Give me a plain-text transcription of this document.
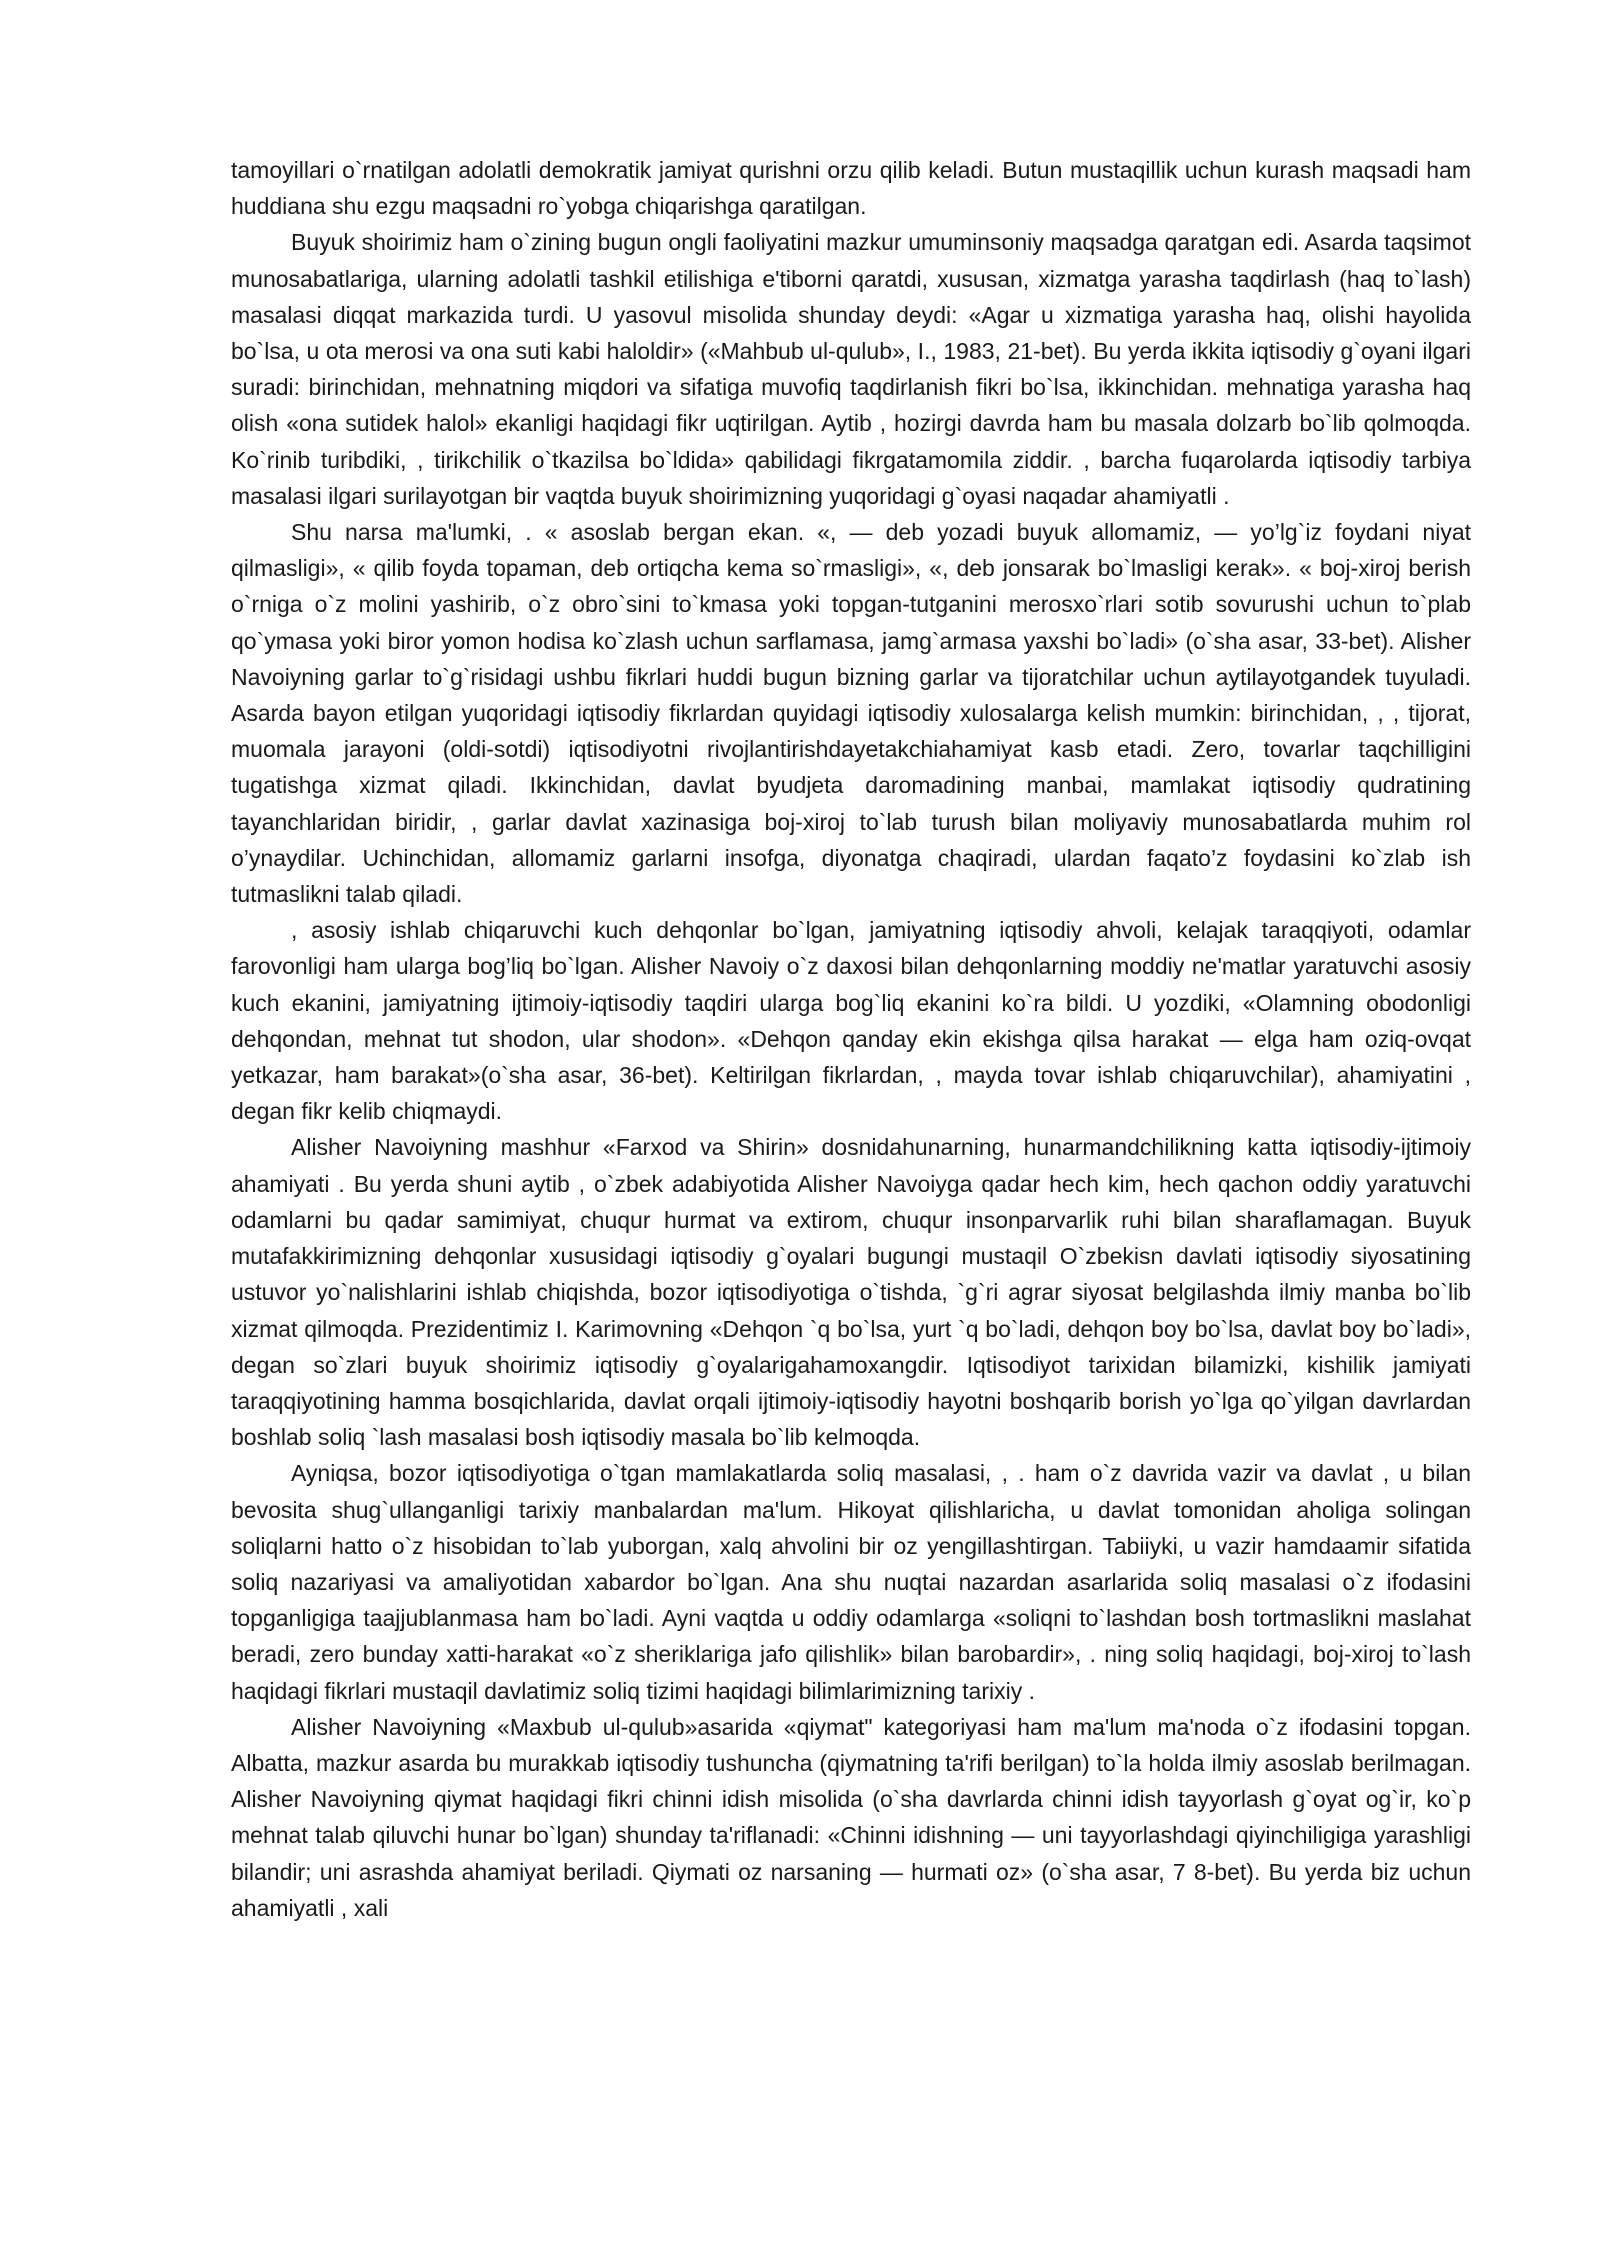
tamoyillari o`rnatilgan adolatli demokratik jamiyat qurishni orzu qilib keladi. Butun mustaqillik uchun kurash maqsadi ham huddiana shu ezgu maqsadni ro`yobga chiqarishga qaratilgan.

Buyuk shoirimiz ham o`zining bugun ongli faoliyatini mazkur umuminsoniy maqsadga qaratgan edi. Asarda taqsimot munosabatlariga, ularning adolatli tashkil etilishiga e'tiborni qaratdi, xususan, xizmatga yarasha taqdirlash (haq to`lash) masalasi diqqat markazida turdi. U yasovul misolida shunday deydi: «Agar u xizmatiga yarasha haq, olishi hayolida bo`lsa, u ota merosi va ona suti kabi haloldir» («Mahbub ul-qulub», I., 1983, 21-bet). Bu yerda ikkita iqtisodiy g`oyani ilgari suradi: birinchidan, mehnatning miqdori va sifatiga muvofiq taqdirlanish fikri bo`lsa, ikkinchidan. mehnatiga yarasha haq olish «ona sutidek halol» ekanligi haqidagi fikr uqtirilgan. Aytib , hozirgi davrda ham bu masala dolzarb bo`lib qolmoqda. Ko`rinib turibdiki, , tirikchilik o`tkazilsa bo`ldida» qabilidagi fikrgatamomila ziddir. , barcha fuqarolarda iqtisodiy tarbiya masalasi ilgari surilayotgan bir vaqtda buyuk shoirimizning yuqoridagi g`oyasi naqadar ahamiyatli .

Shu narsa ma'lumki, . « asoslab bergan ekan. «, — deb yozadi buyuk allomamiz, — yo’lg`iz foydani niyat qilmasligi», « qilib foyda topaman, deb ortiqcha kema so`rmasligi», «, deb jonsarak bo`lmasligi kerak». « boj-xiroj berish o`rniga o`z molini yashirib, o`z obro`sini to`kmasa yoki topgan-tutganini merosxo`rlari sotib sovurushi uchun to`plab qo`ymasa yoki biror yomon hodisa ko`zlash uchun sarflamasa, jamg`armasa yaxshi bo`ladi» (o`sha asar, 33-bet). Alisher Navoiyning garlar to`g`risidagi ushbu fikrlari huddi bugun bizning garlar va tijoratchilar uchun aytilayotgandek tuyuladi. Asarda bayon etilgan yuqoridagi iqtisodiy fikrlardan quyidagi iqtisodiy xulosalarga kelish mumkin: birinchidan, , , tijorat, muomala jarayoni (oldi-sotdi) iqtisodiyotni rivojlantirishdayetakchiahamiyat kasb etadi. Zero, tovarlar taqchilligini tugatishga xizmat qiladi. Ikkinchidan, davlat byudjeta daromadining manbai, mamlakat iqtisodiy qudratining tayanchlaridan biridir, , garlar davlat xazinasiga boj-xiroj to`lab turush bilan moliyaviy munosabatlarda muhim rol o’ynaydilar. Uchinchidan, allomamiz garlarni insofga, diyonatga chaqiradi, ulardan faqato’z foydasini ko`zlab ish tutmaslikni talab qiladi.

, asosiy ishlab chiqaruvchi kuch dehqonlar bo`lgan, jamiyatning iqtisodiy ahvoli, kelajak taraqqiyoti, odamlar farovonligi ham ularga bog’liq bo`lgan. Alisher Navoiy o`z daxosi bilan dehqonlarning moddiy ne'matlar yaratuvchi asosiy kuch ekanini, jamiyatning ijtimoiy-iqtisodiy taqdiri ularga bog`liq ekanini ko`ra bildi. U yozdiki, «Olamning obodonligi dehqondan, mehnat tut shodon, ular shodon». «Dehqon qanday ekin ekishga qilsa harakat — elga ham oziq-ovqat yetkazar, ham barakat»(o`sha asar, 36-bet). Keltirilgan fikrlardan, , mayda tovar ishlab chiqaruvchilar), ahamiyatini , degan fikr kelib chiqmaydi.

Alisher Navoiyning mashhur «Farxod va Shirin» dosnidahunarning, hunarmandchilikning katta iqtisodiy-ijtimoiy ahamiyati . Bu yerda shuni aytib , o`zbek adabiyotida Alisher Navoiyga qadar hech kim, hech qachon oddiy yaratuvchi odamlarni bu qadar samimiyat, chuqur hurmat va extirom, chuqur insonparvarlik ruhi bilan sharaflamagan. Buyuk mutafakkirimizning dehqonlar xususidagi iqtisodiy g`oyalari bugungi mustaqil O`zbekisn davlati iqtisodiy siyosatining ustuvor yo`nalishlarini ishlab chiqishda, bozor iqtisodiyotiga o`tishda, `g`ri agrar siyosat belgilashda ilmiy manba bo`lib xizmat qilmoqda. Prezidentimiz I. Karimovning «Dehqon `q bo`lsa, yurt `q bo`ladi, dehqon boy bo`lsa, davlat boy bo`ladi», degan so`zlari buyuk shoirimiz iqtisodiy g`oyalarigahamoxangdir. Iqtisodiyot tarixidan bilamizki, kishilik jamiyati taraqqiyotining hamma bosqichlarida, davlat orqali ijtimoiy-iqtisodiy hayotni boshqarib borish yo`lga qo`yilgan davrlardan boshlab soliq `lash masalasi bosh iqtisodiy masala bo`lib kelmoqda.

Ayniqsa, bozor iqtisodiyotiga o`tgan mamlakatlarda soliq masalasi, , . ham o`z davrida vazir va davlat , u bilan bevosita shug`ullanganligi tarixiy manbalardan ma'lum. Hikoyat qilishlaricha, u davlat tomonidan aholiga solingan soliqlarni hatto o`z hisobidan to`lab yuborgan, xalq ahvolini bir oz yengillashtirgan. Tabiiyki, u vazir hamdaamir sifatida soliq nazariyasi va amaliyotidan xabardor bo`lgan. Ana shu nuqtai nazardan asarlarida soliq masalasi o`z ifodasini topganligiga taajjublanmasa ham bo`ladi. Ayni vaqtda u oddiy odamlarga «soliqni to`lashdan bosh tortmaslikni maslahat beradi, zero bunday xatti-harakat «o`z sheriklariga jafo qilishlik» bilan barobardir», . ning soliq haqidagi, boj-xiroj to`lash haqidagi fikrlari mustaqil davlatimiz soliq tizimi haqidagi bilimlarimizning tarixiy .

Alisher Navoiyning «Maxbub ul-qulub»asarida «qiymat" kategoriyasi ham ma'lum ma'noda o`z ifodasini topgan. Albatta, mazkur asarda bu murakkab iqtisodiy tushuncha (qiymatning ta'rifi berilgan) to`la holda ilmiy asoslab berilmagan. Alisher Navoiyning qiymat haqidagi fikri chinni idish misolida (o`sha davrlarda chinni idish tayyorlash g`oyat og`ir, ko`p mehnat talab qiluvchi hunar bo`lgan) shunday ta'riflanadi: «Chinni idishning — uni tayyorlashdagi qiyinchiligiga yarashligi bilandir; uni asrashda ahamiyat beriladi. Qiymati oz narsaning — hurmati oz» (o`sha asar, 7 8-bet). Bu yerda biz uchun ahamiyatli , xali
